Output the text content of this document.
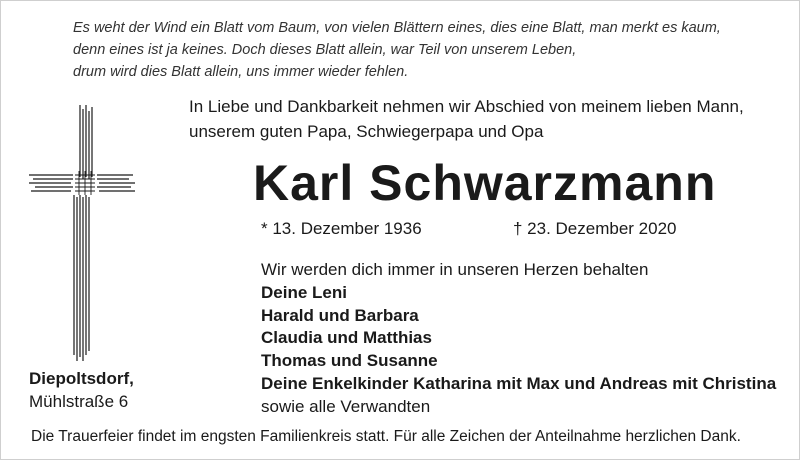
Es weht der Wind ein Blatt vom Baum, von vielen Blättern eines, dies eine Blatt, man merkt es kaum,
denn eines ist ja keines. Doch dieses Blatt allein, war Teil von unserem Leben,
drum wird dies Blatt allein, uns immer wieder fehlen.
In Liebe und Dankbarkeit nehmen wir Abschied von meinem lieben Mann,
unserem guten Papa, Schwiegerpapa und Opa
Karl Schwarzmann
* 13. Dezember 1936	† 23. Dezember 2020
Wir werden dich immer in unseren Herzen behalten
Deine Leni
Harald und Barbara
Claudia und Matthias
Thomas und Susanne
Deine Enkelkinder Katharina mit Max und Andreas mit Christina
sowie alle Verwandten
Diepoltsdorf,
Mühlstraße 6
Die Trauerfeier findet im engsten Familienkreis statt. Für alle Zeichen der Anteilnahme herzlichen Dank.
